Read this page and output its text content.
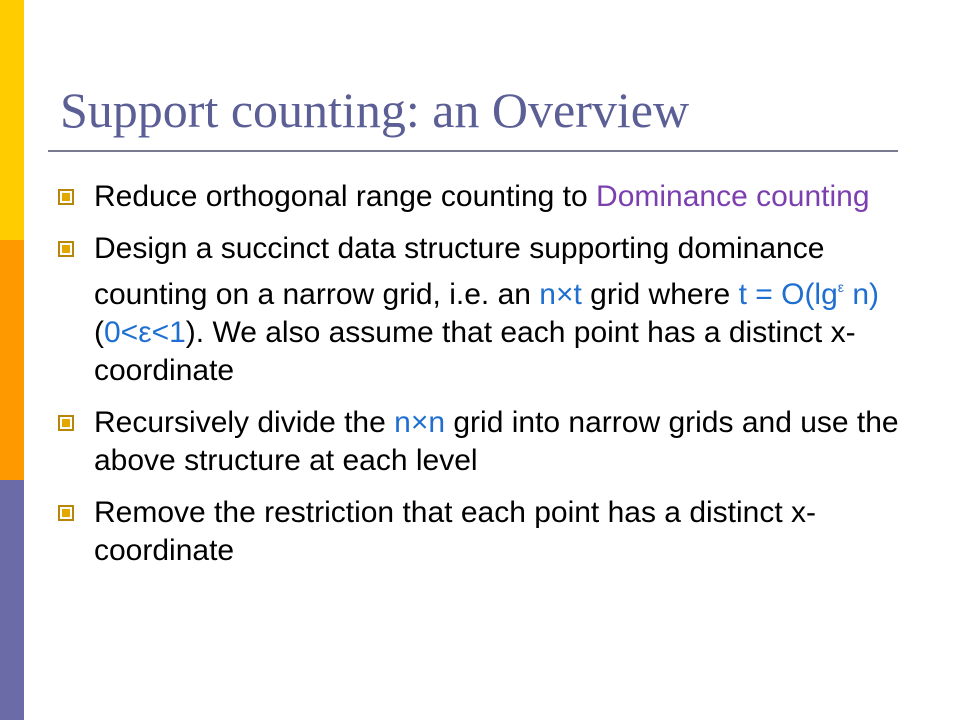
Support counting: an Overview
Reduce orthogonal range counting to Dominance counting
Design a succinct data structure supporting dominance counting on a narrow grid, i.e. an n×t grid where $t = O(\lg^\varepsilon$ n) (0<ε<1). We also assume that each point has a distinct x-coordinate
Recursively divide the n×n grid into narrow grids and use the above structure at each level
Remove the restriction that each point has a distinct x-coordinate
